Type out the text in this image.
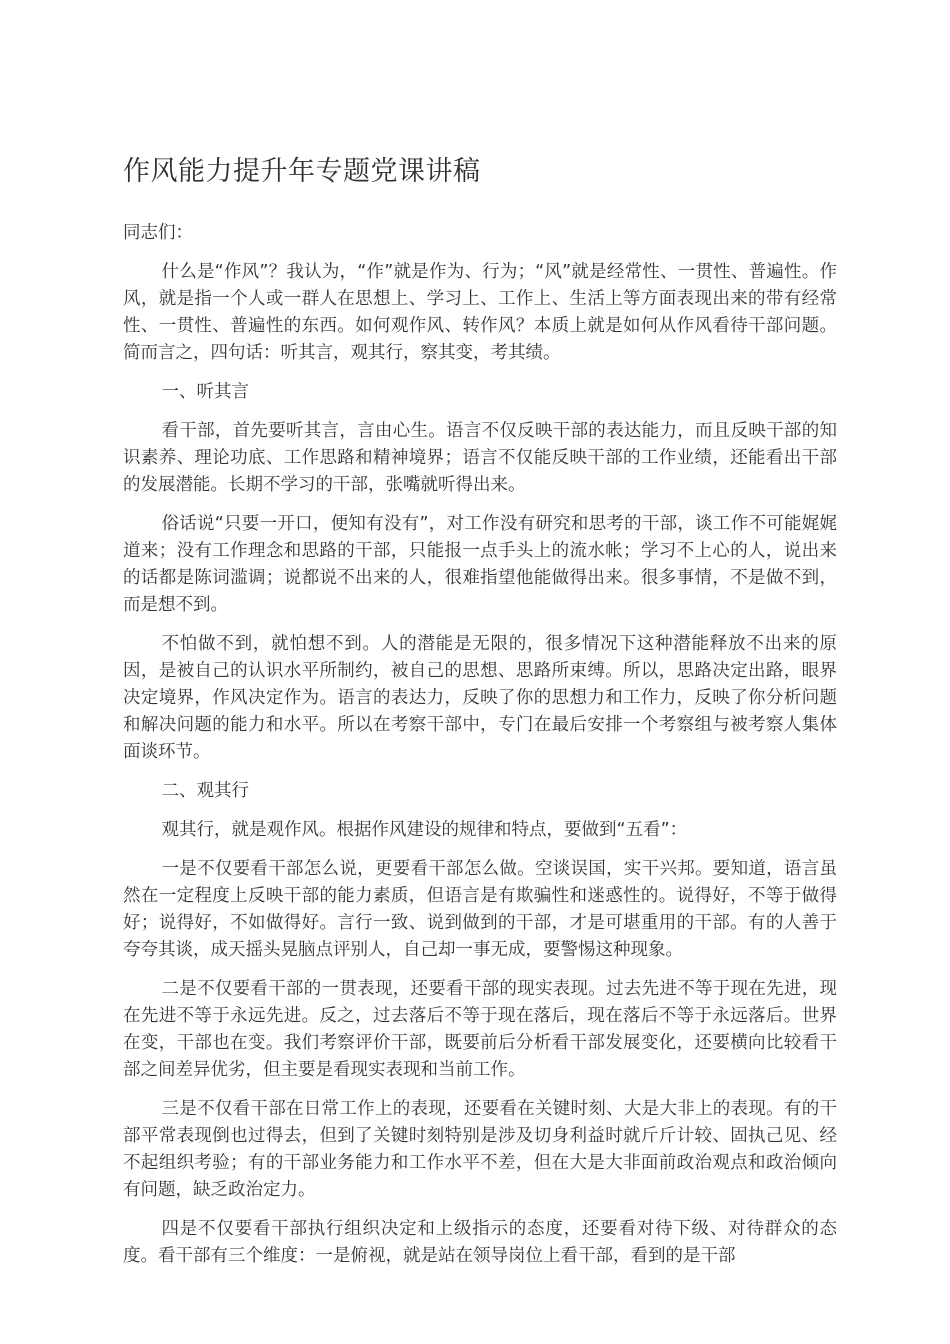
作风能力提升年专题党课讲稿

同志们：

什么是“作风”？我认为，“作”就是作为、行为；“风”就是经常性、一贯性、普遍性。作风，就是指一个人或一群人在思想上、学习上、工作上、生活上等方面表现出来的带有经常性、一贯性、普遍性的东西。如何观作风、转作风？本质上就是如何从作风看待干部问题。简而言之，四句话：听其言，观其行，察其变，考其绩。

一、听其言

看干部，首先要听其言，言由心生。语言不仅反映干部的表达能力，而且反映干部的知识素养、理论功底、工作思路和精神境界；语言不仅能反映干部的工作业绩，还能看出干部的发展潜能。长期不学习的干部，张嘴就听得出来。

俗话说“只要一开口，便知有没有”，对工作没有研究和思考的干部，谈工作不可能娓娓道来；没有工作理念和思路的干部，只能报一点手头上的流水帐；学习不上心的人，说出来的话都是陈词滥调；说都说不出来的人，很难指望他能做得出来。很多事情，不是做不到，而是想不到。

不怕做不到，就怕想不到。人的潜能是无限的，很多情况下这种潜能释放不出来的原因，是被自己的认识水平所制约，被自己的思想、思路所束缚。所以，思路决定出路，眼界决定境界，作风决定作为。语言的表达力，反映了你的思想力和工作力，反映了你分析问题和解决问题的能力和水平。所以在考察干部中，专门在最后安排一个考察组与被考察人集体面谈环节。

二、观其行

观其行，就是观作风。根据作风建设的规律和特点，要做到“五看”：

一是不仅要看干部怎么说，更要看干部怎么做。空谈误国，实干兴邦。要知道，语言虽然在一定程度上反映干部的能力素质，但语言是有欺骗性和迷惑性的。说得好，不等于做得好；说得好，不如做得好。言行一致、说到做到的干部，才是可堪重用的干部。有的人善于夸夸其谈，成天摇头晃脑点评别人，自己却一事无成，要警惕这种现象。

二是不仅要看干部的一贯表现，还要看干部的现实表现。过去先进不等于现在先进，现在先进不等于永远先进。反之，过去落后不等于现在落后，现在落后不等于永远落后。世界在变，干部也在变。我们考察评价干部，既要前后分析看干部发展变化，还要横向比较看干部之间差异优劣，但主要是看现实表现和当前工作。

三是不仅看干部在日常工作上的表现，还要看在关键时刻、大是大非上的表现。有的干部平常表现倒也过得去，但到了关键时刻特别是涉及切身利益时就斤斤计较、固执己见、经不起组织考验；有的干部业务能力和工作水平不差，但在大是大非面前政治观点和政治倾向有问题，缺乏政治定力。

四是不仅要看干部执行组织决定和上级指示的态度，还要看对待下级、对待群众的态度。看干部有三个维度：一是俯视，就是站在领导岗位上看干部，看到的是干部
